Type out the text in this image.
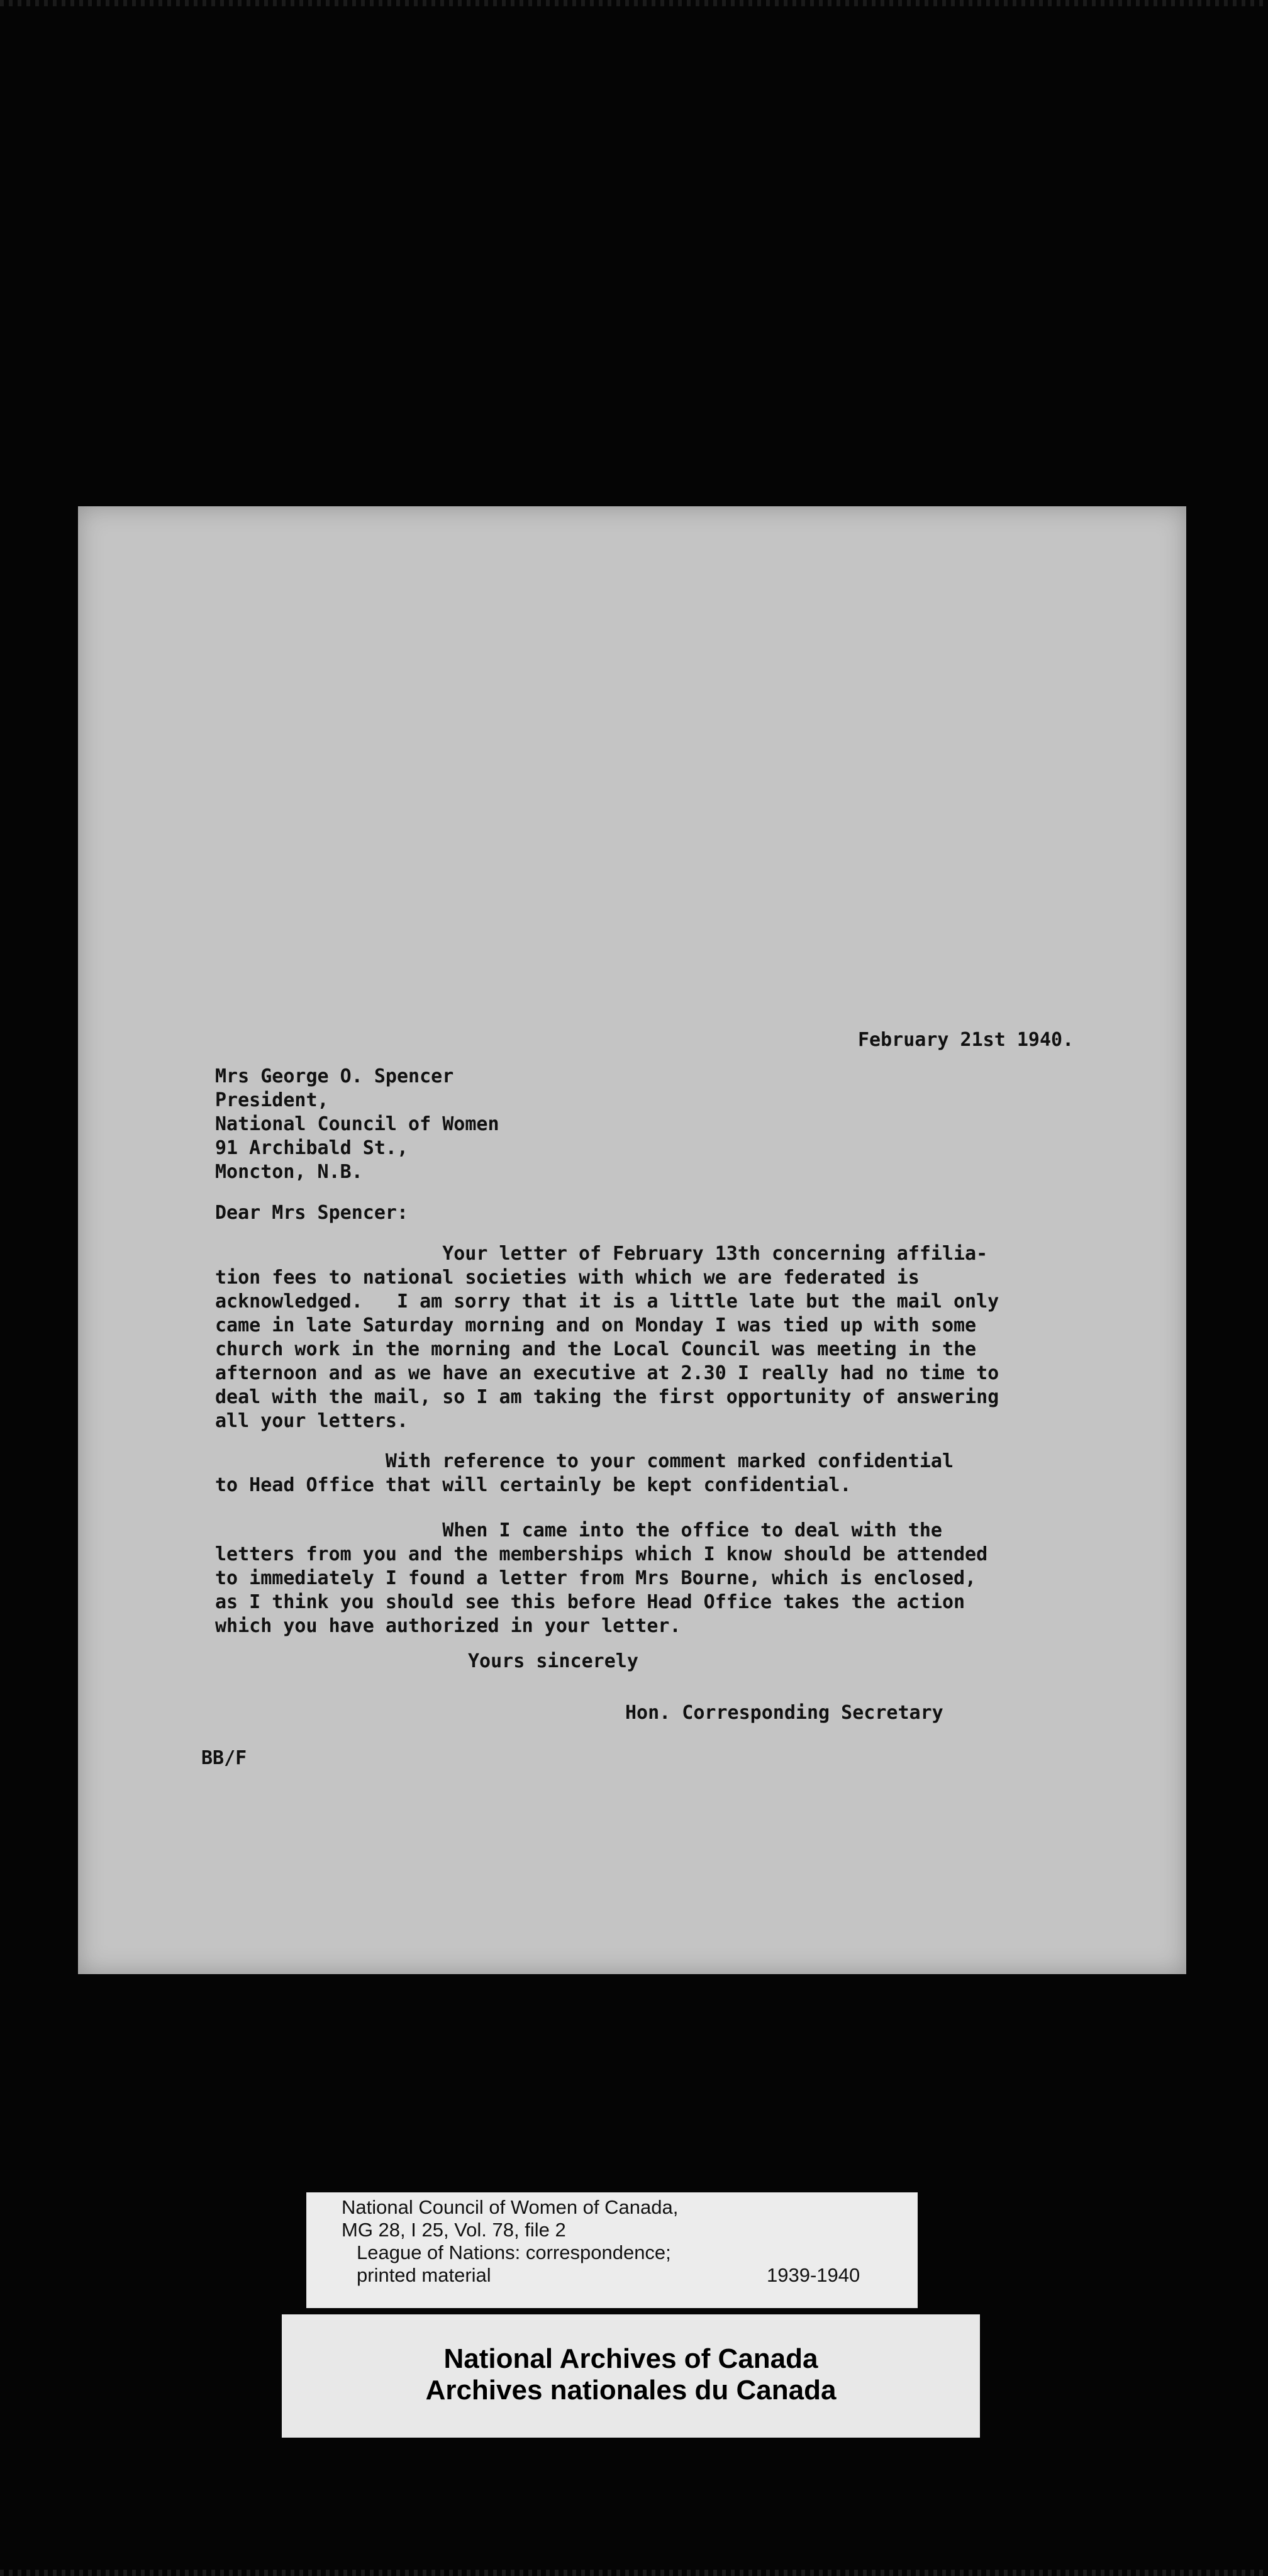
February 21st 1940.

Mrs George O. Spencer
President,
National Council of Women
91 Archibald St.,
Moncton, N.B.

Dear Mrs Spencer:

Your letter of February 13th concerning affilia-
tion fees to national societies with which we are federated is
acknowledged.   I am sorry that it is a little late but the mail only
came in late Saturday morning and on Monday I was tied up with some
church work in the morning and the Local Council was meeting in the
afternoon and as we have an executive at 2.30 I really had no time to
deal with the mail, so I am taking the first opportunity of answering
all your letters.

With reference to your comment marked confidential
to Head Office that will certainly be kept confidential.

When I came into the office to deal with the
letters from you and the memberships which I know should be attended
to immediately I found a letter from Mrs Bourne, which is enclosed,
as I think you should see this before Head Office takes the action
which you have authorized in your letter.

Yours sincerely

Hon. Corresponding Secretary

BB/F

National Council of Women of Canada,

MG 28, I 25, Vol. 78, file 2

League of Nations: correspondence;

printed material	1939-1940

National Archives of Canada

Archives nationales du Canada
